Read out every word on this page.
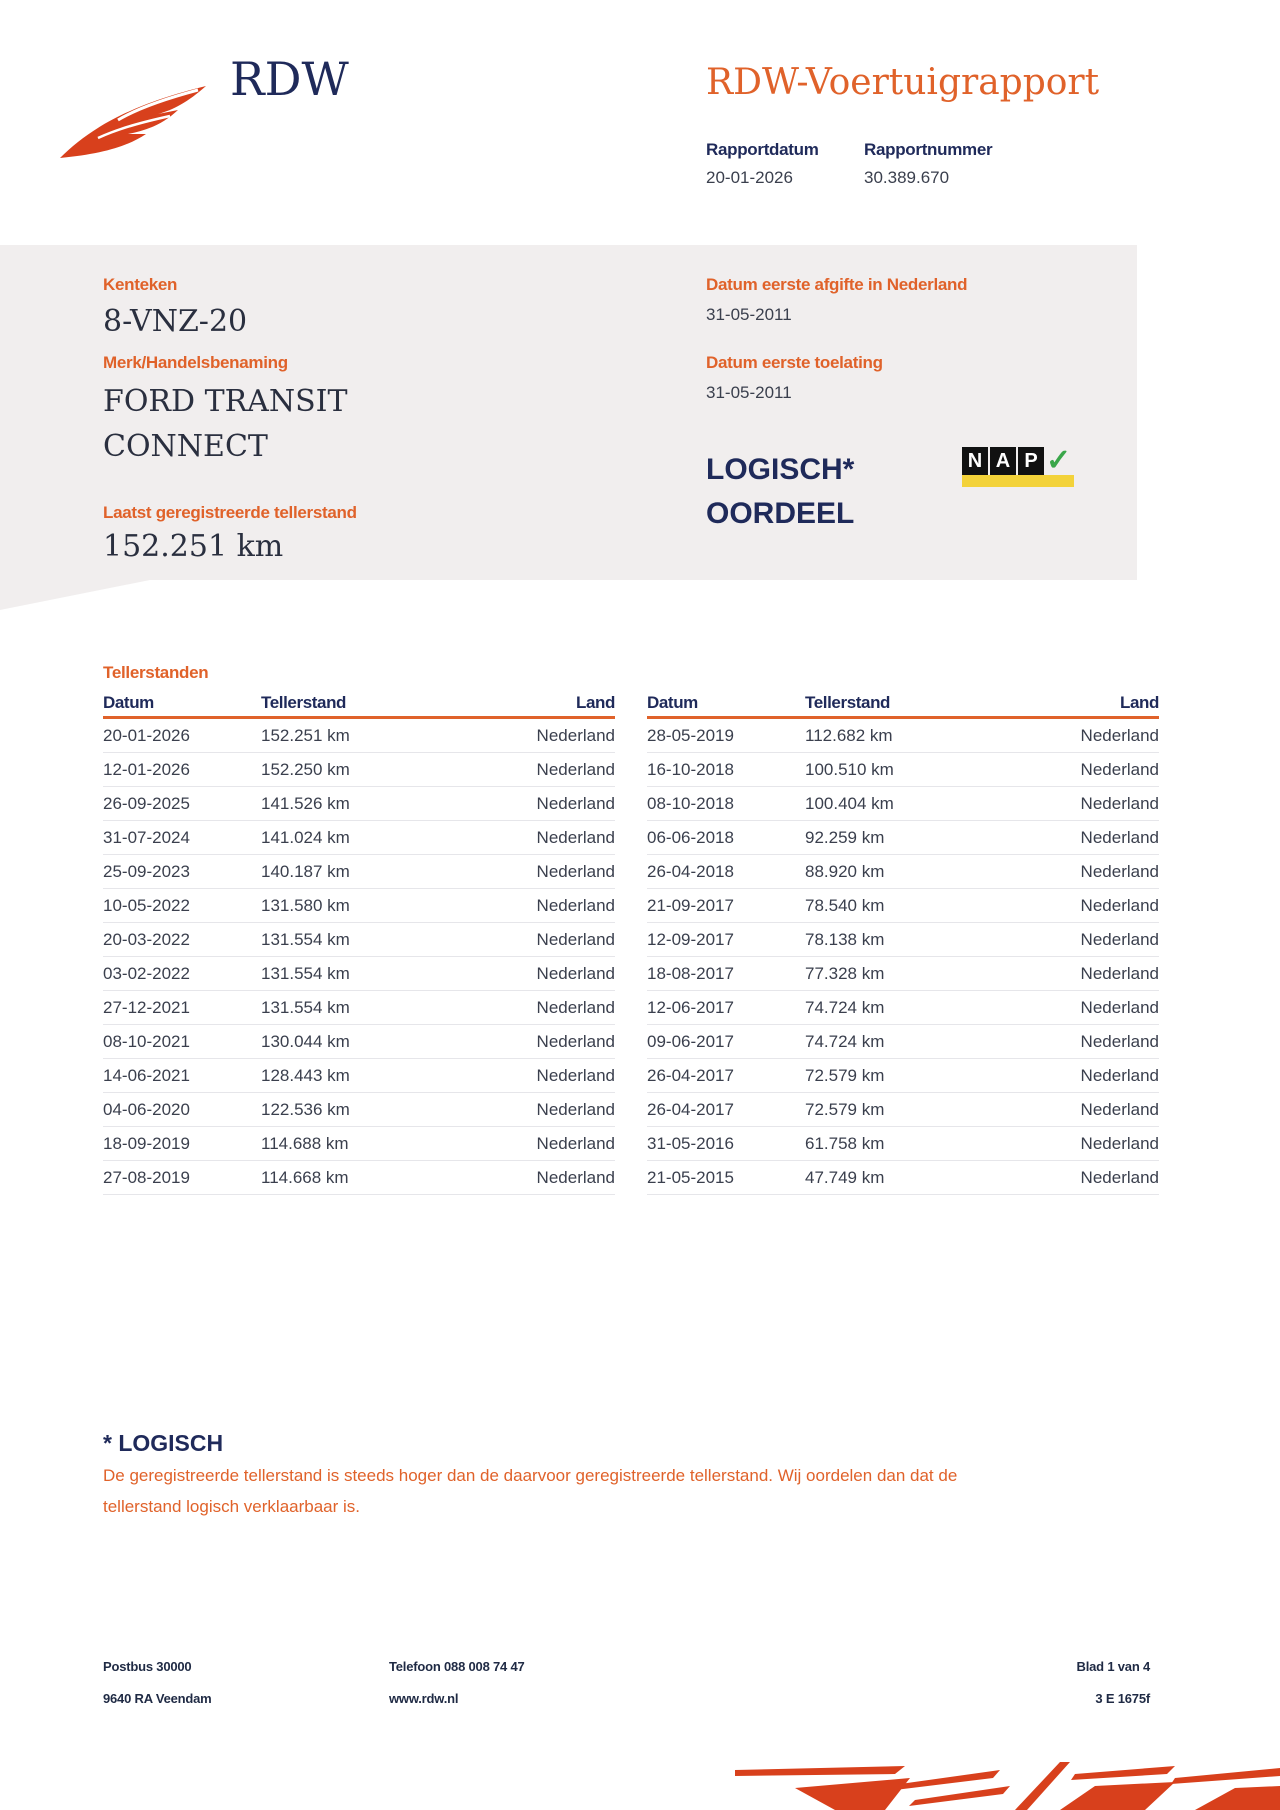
RDW	RDW-Voertuigrapport
Rapportdatum
20-01-2026
Rapportnummer
30.389.670
Kenteken
8-VNZ-20
Merk/Handelsbenaming
FORD TRANSIT
CONNECT
Laatst geregistreerde tellerstand
152.251 km
Datum eerste afgifte in Nederland
31-05-2011
Datum eerste toelating
31-05-2011
LOGISCH*
OORDEEL
N A P ✓
Tellerstanden
Datum	Tellerstand	Land
20-01-2026	152.251 km	Nederland
12-01-2026	152.250 km	Nederland
26-09-2025	141.526 km	Nederland
31-07-2024	141.024 km	Nederland
25-09-2023	140.187 km	Nederland
10-05-2022	131.580 km	Nederland
20-03-2022	131.554 km	Nederland
03-02-2022	131.554 km	Nederland
27-12-2021	131.554 km	Nederland
08-10-2021	130.044 km	Nederland
14-06-2021	128.443 km	Nederland
04-06-2020	122.536 km	Nederland
18-09-2019	114.688 km	Nederland
27-08-2019	114.668 km	Nederland
Datum	Tellerstand	Land
28-05-2019	112.682 km	Nederland
16-10-2018	100.510 km	Nederland
08-10-2018	100.404 km	Nederland
06-06-2018	92.259 km	Nederland
26-04-2018	88.920 km	Nederland
21-09-2017	78.540 km	Nederland
12-09-2017	78.138 km	Nederland
18-08-2017	77.328 km	Nederland
12-06-2017	74.724 km	Nederland
09-06-2017	74.724 km	Nederland
26-04-2017	72.579 km	Nederland
26-04-2017	72.579 km	Nederland
31-05-2016	61.758 km	Nederland
21-05-2015	47.749 km	Nederland
* LOGISCH
De geregistreerde tellerstand is steeds hoger dan de daarvoor geregistreerde tellerstand. Wij oordelen dan dat de
tellerstand logisch verklaarbaar is.
Postbus 30000
9640 RA Veendam
Telefoon 088 008 74 47
www.rdw.nl
Blad 1 van 4
3 E 1675f
